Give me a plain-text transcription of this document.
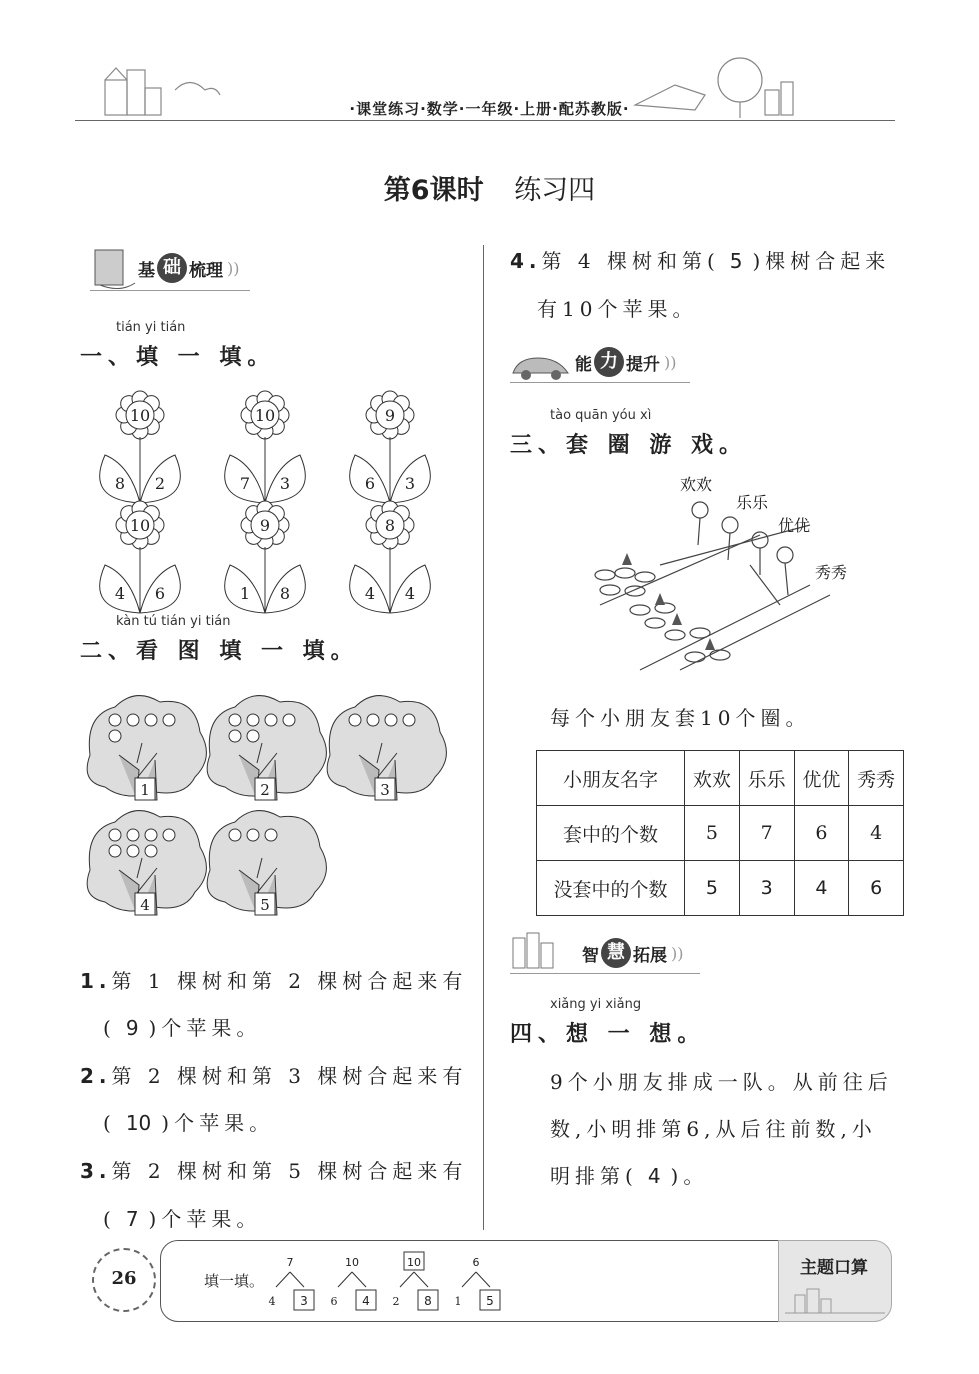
·课堂练习·数学·一年级·上册·配苏教版·
第6课时 练习四
基 础 梳理 ))
tián yi tián
一、填 一 填。
10
8 2
10
7 3
9
6 3
10
4 6
9
1 8
8
4 4
kàn tú tián yi tián
二、看 图 填 一 填。
1	2	3
4	5
1.第 1 棵树和第 2 棵树合起来有
( 9 )个苹果。
2.第 2 棵树和第 3 棵树合起来有
( 10 )个苹果。
3.第 2 棵树和第 5 棵树合起来有
( 7 )个苹果。
4.第 4 棵树和第( 5 )棵树合起来
有10个苹果。
能 力 提升 ))
tào quān yóu xì
三、套 圈 游 戏。
欢欢
乐乐
优优
秀秀
每个小朋友套10个圈。
小朋友名字	欢欢	乐乐	优优	秀秀
套中的个数	5	7	6	4
没套中的个数	5	3	4	6
智 慧 拓展 ))
xiǎng yi xiǎng
四、想 一 想。
9个小朋友排成一队。从前往后
数,小明排第6,从后往前数,小
明排第( 4 )。
26	填一填。
7
4 3
10
6 4
10
2 8
6
1 5
主题口算
